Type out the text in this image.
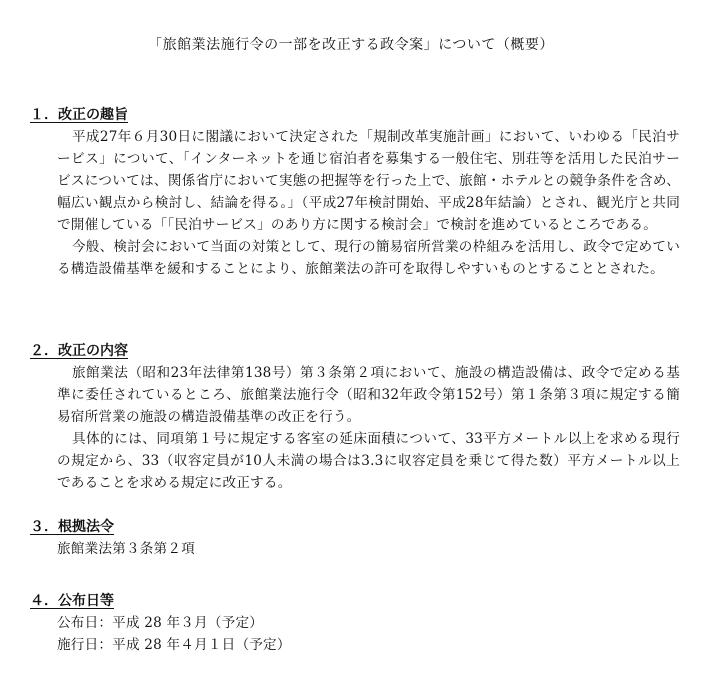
「旅館業法施行令の一部を改正する政令案」について（概要）
１．改正の趣旨

平成27年６月30日に閣議において決定された「規制改革実施計画」において、いわゆる「民泊サービス」について、「インターネットを通じ宿泊者を募集する一般住宅、別荘等を活用した民泊サービスについては、関係省庁において実態の把握等を行った上で、旅館・ホテルとの競争条件を含め、幅広い観点から検討し、結論を得る。」（平成27年検討開始、平成28年結論）とされ、観光庁と共同で開催している「「民泊サービス」のあり方に関する検討会」で検討を進めているところである。

今般、検討会において当面の対策として、現行の簡易宿所営業の枠組みを活用し、政令で定めている構造設備基準を緩和することにより、旅館業法の許可を取得しやすいものとすることとされた。

２．改正の内容

旅館業法（昭和23年法律第138号）第３条第２項において、施設の構造設備は、政令で定める基準に委任されているところ、旅館業法施行令（昭和32年政令第152号）第１条第３項に規定する簡易宿所営業の施設の構造設備基準の改正を行う。

具体的には、同項第１号に規定する客室の延床面積について、33平方メートル以上を求める現行の規定から、33（収容定員が10人未満の場合は3.3に収容定員を乗じて得た数）平方メートル以上であることを求める規定に改正する。

３．根拠法令

旅館業法第３条第２項

４．公布日等

公布日：平成 28 年３月（予定）

施行日：平成 28 年４月１日（予定）
